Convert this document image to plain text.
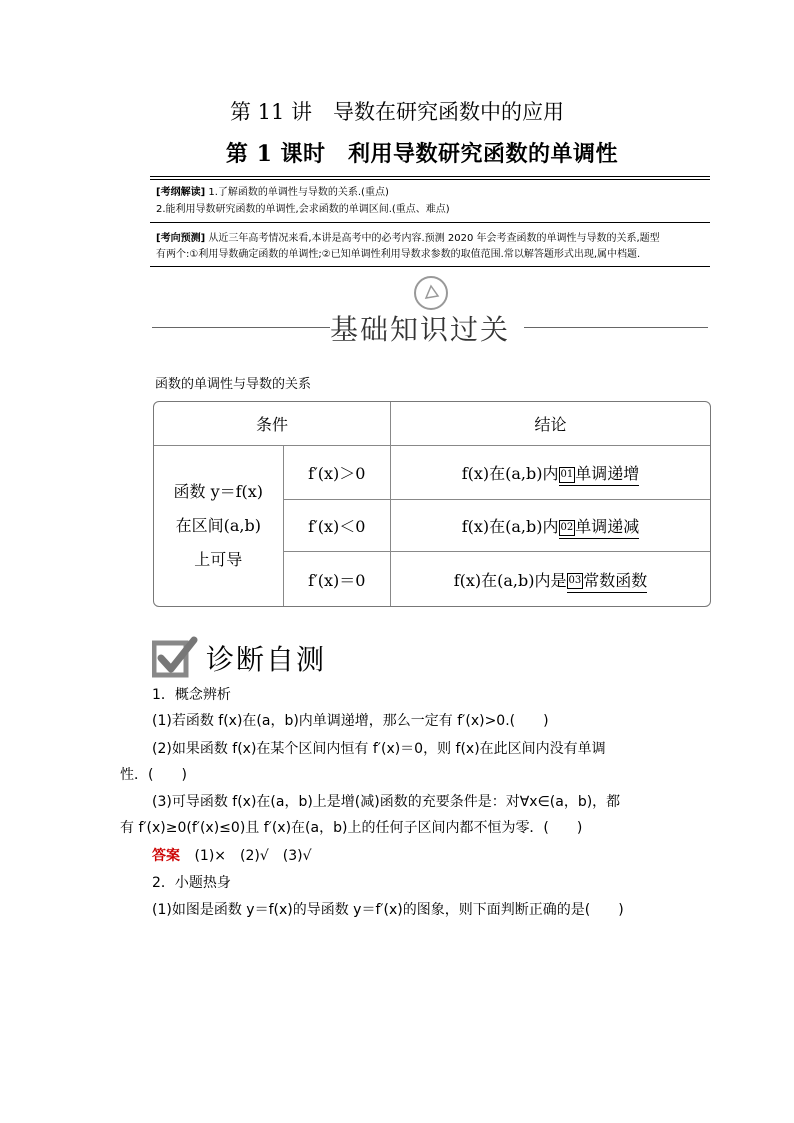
第 11 讲　导数在研究函数中的应用
第 1 课时　利用导数研究函数的单调性
[考纲解读] 1.了解函数的单调性与导数的关系.(重点)
2.能利用导数研究函数的单调性,会求函数的单调区间.(重点、难点)
[考向预测] 从近三年高考情况来看,本讲是高考中的必考内容.预测 2020 年会考查函数的单调性与导数的关系,题型
有两个:①利用导数确定函数的单调性;②已知单调性利用导数求参数的取值范围.常以解答题形式出现,属中档题.
基础知识过关
函数的单调性与导数的关系
条件		结论

函数 y＝f(x)
在区间(a,b)
上可导	f′(x)＞0	f(x)在(a,b)内 01 单调递增
	f′(x)＜0	f(x)在(a,b)内 02 单调递减
	f′(x)＝0	f(x)在(a,b)内是 03 常数函数
诊断自测
1．概念辨析
(1)若函数 f(x)在(a，b)内单调递增，那么一定有 f′(x)>0.(　　)
(2)如果函数 f(x)在某个区间内恒有 f′(x)＝0，则 f(x)在此区间内没有单调
性．(　　)
(3)可导函数 f(x)在(a，b)上是增(减)函数的充要条件是：对∀x∈(a，b)，都
有 f′(x)≥0(f′(x)≤0)且 f′(x)在(a，b)上的任何子区间内都不恒为零．(　　)
答案 (1)×　(2)√　(3)√
2．小题热身
(1)如图是函数 y＝f(x)的导函数 y＝f′(x)的图象，则下面判断正确的是(　　)
